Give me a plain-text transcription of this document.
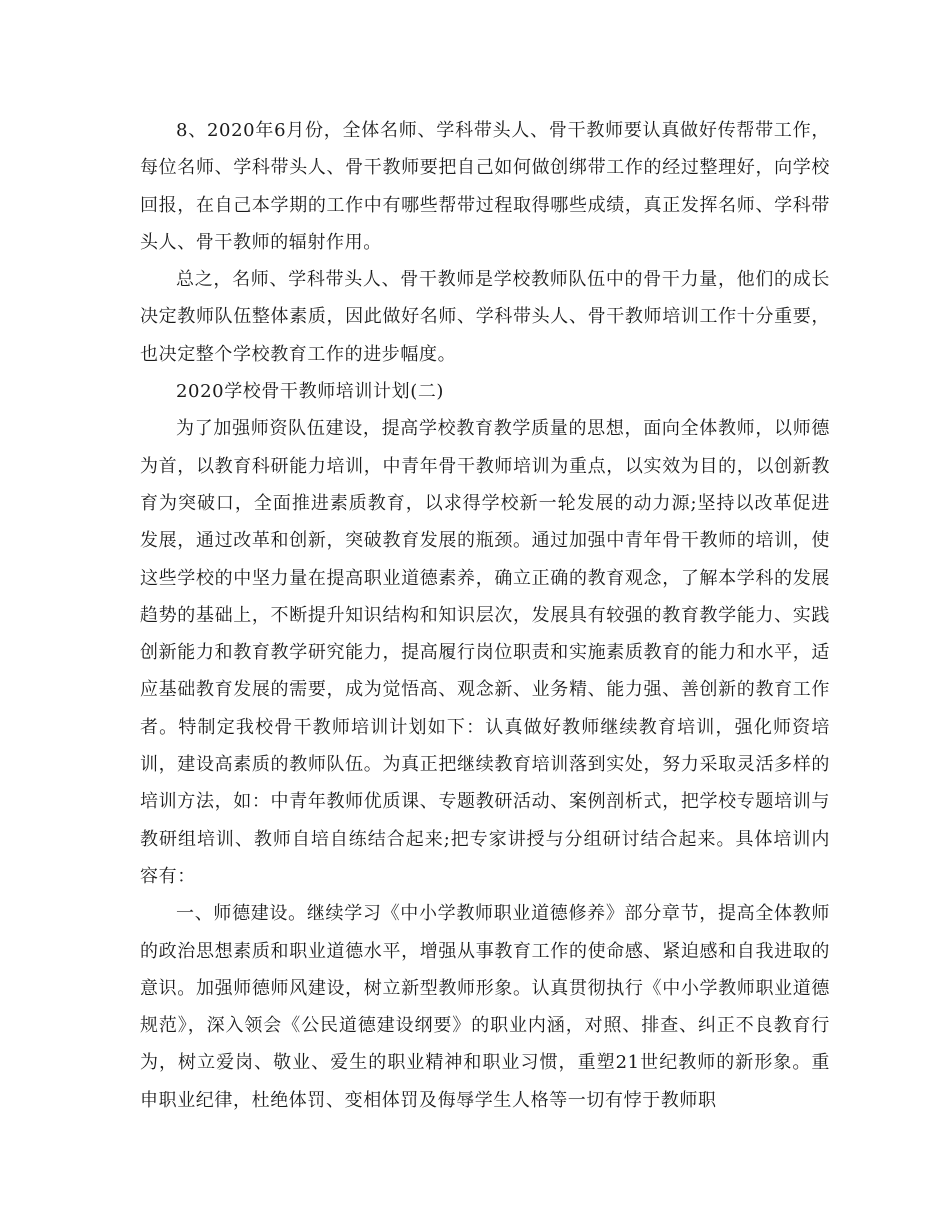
8、2020年6月份，全体名师、学科带头人、骨干教师要认真做好传帮带工作，每位名师、学科带头人、骨干教师要把自己如何做创绑带工作的经过整理好，向学校回报，在自己本学期的工作中有哪些帮带过程取得哪些成绩，真正发挥名师、学科带头人、骨干教师的辐射作用。

总之，名师、学科带头人、骨干教师是学校教师队伍中的骨干力量，他们的成长决定教师队伍整体素质，因此做好名师、学科带头人、骨干教师培训工作十分重要，也决定整个学校教育工作的进步幅度。

2020学校骨干教师培训计划(二)

为了加强师资队伍建设，提高学校教育教学质量的思想，面向全体教师，以师德为首，以教育科研能力培训，中青年骨干教师培训为重点，以实效为目的，以创新教育为突破口，全面推进素质教育，以求得学校新一轮发展的动力源;坚持以改革促进发展，通过改革和创新，突破教育发展的瓶颈。通过加强中青年骨干教师的培训，使这些学校的中坚力量在提高职业道德素养，确立正确的教育观念，了解本学科的发展趋势的基础上，不断提升知识结构和知识层次，发展具有较强的教育教学能力、实践创新能力和教育教学研究能力，提高履行岗位职责和实施素质教育的能力和水平，适应基础教育发展的需要，成为觉悟高、观念新、业务精、能力强、善创新的教育工作者。特制定我校骨干教师培训计划如下：认真做好教师继续教育培训，强化师资培训，建设高素质的教师队伍。为真正把继续教育培训落到实处，努力采取灵活多样的培训方法，如：中青年教师优质课、专题教研活动、案例剖析式，把学校专题培训与教研组培训、教师自培自练结合起来;把专家讲授与分组研讨结合起来。具体培训内容有：

一、师德建设。继续学习《中小学教师职业道德修养》部分章节，提高全体教师的政治思想素质和职业道德水平，增强从事教育工作的使命感、紧迫感和自我进取的意识。加强师德师风建设，树立新型教师形象。认真贯彻执行《中小学教师职业道德规范》，深入领会《公民道德建设纲要》的职业内涵，对照、排查、纠正不良教育行为，树立爱岗、敬业、爱生的职业精神和职业习惯，重塑21世纪教师的新形象。重申职业纪律，杜绝体罚、变相体罚及侮辱学生人格等一切有悖于教师职
